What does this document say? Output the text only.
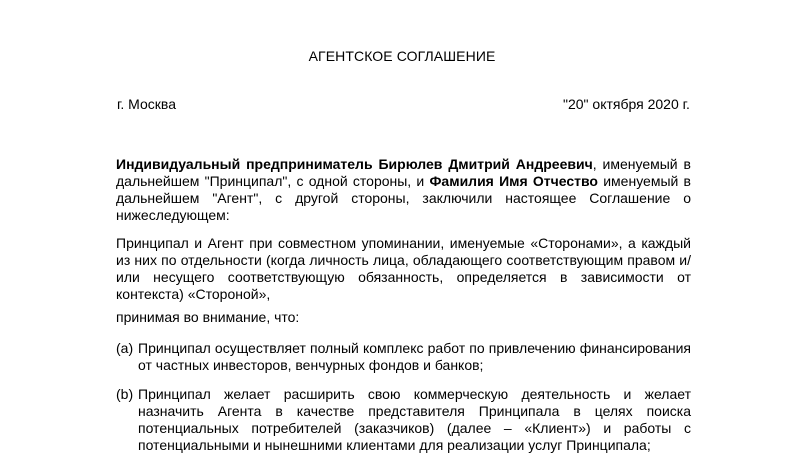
АГЕНТСКОЕ СОГЛАШЕНИЕ
г. Москва	"20" октября 2020 г.
Индивидуальный предприниматель Бирюлев Дмитрий Андреевич, именуемый в дальнейшем "Принципал", с одной стороны, и Фамилия Имя Отчество именуемый в дальнейшем "Агент", с другой стороны, заключили настоящее Соглашение о нижеследующем:
Принципал и Агент при совместном упоминании, именуемые «Сторонами», а каждый из них по отдельности (когда личность лица, обладающего соответствующим правом и/или несущего соответствующую обязанность, определяется в зависимости от контекста) «Стороной»,
принимая во внимание, что:
(a) Принципал осуществляет полный комплекс работ по привлечению финансирования от частных инвесторов, венчурных фондов и банков;
(b) Принципал желает расширить свою коммерческую деятельность и желает назначить Агента в качестве представителя Принципала в целях поиска потенциальных потребителей (заказчиков) (далее – «Клиент») и работы с потенциальными и нынешними клиентами для реализации услуг Принципала;
